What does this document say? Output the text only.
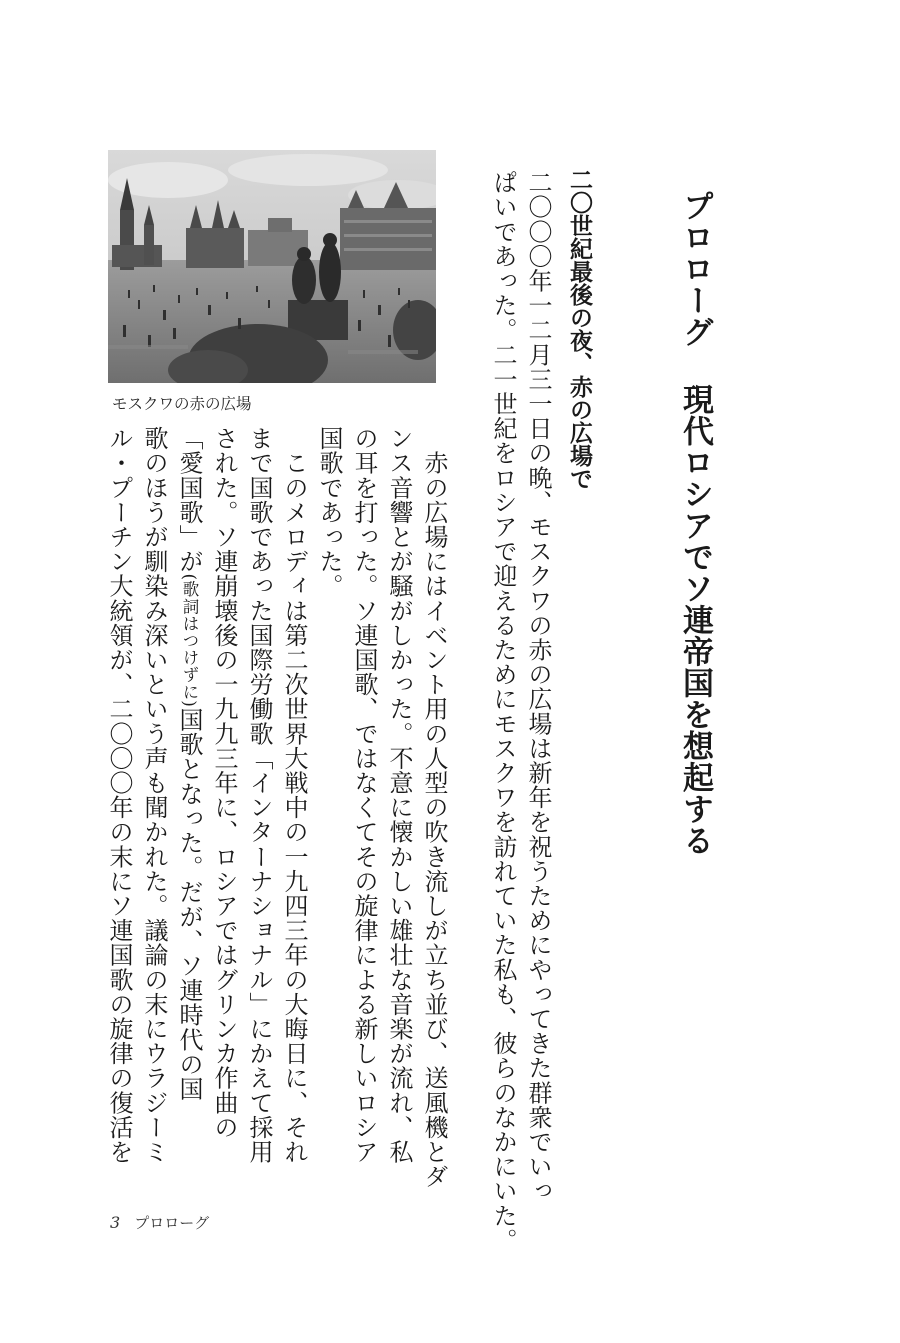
プロローグ現代ロシアでソ連帝国を想起する
二〇世紀最後の夜、赤の広場で
二〇〇〇年一二月三一日の晩、モスクワの赤の広場は新年を祝うためにやってきた群衆でいっ
ぱいであった。二一世紀をロシアで迎えるためにモスクワを訪れていた私も、彼らのなかにいた。
　赤の広場にはイベント用の人型の吹き流しが立ち並び、送風機とダ
ンス音響とが騒がしかった。不意に懐かしい雄壮な音楽が流れ、私
の耳を打った。ソ連国歌、ではなくてその旋律による新しいロシア
国歌であった。
　このメロディは第二次世界大戦中の一九四三年の大晦日に、それ
まで国歌であった国際労働歌「インターナショナル」にかえて採用
された。ソ連崩壊後の一九九三年に、ロシアではグリンカ作曲の
「愛国歌」が(歌詞はつけずに)国歌となった。だが、ソ連時代の国
歌のほうが馴染み深いという声も聞かれた。議論の末にウラジーミ
ル・プーチン大統領が、二〇〇〇年の末にソ連国歌の旋律の復活を
モスクワの赤の広場
3 プロローグ
